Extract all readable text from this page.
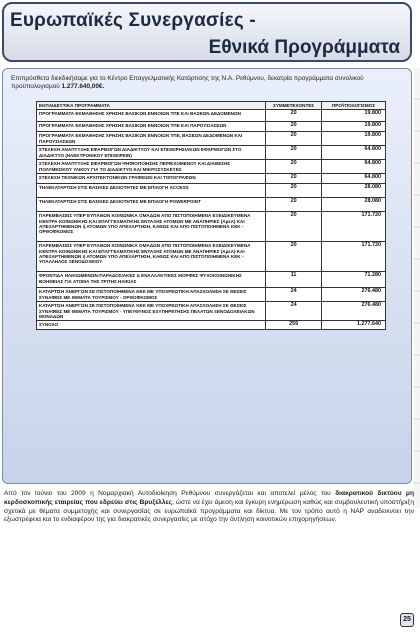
Ευρωπαϊκές Συνεργασίες -
Εθνικά Προγράμματα
Επιπρόσθετα διεκδικήσαμε για το Κέντρο Επαγγελματικής Κατάρτισης της Ν.Α. Ρεθύμνου, δεκατρία προγράμματα συνολικού προϋπολογισμού 1.277.640,00€.
ΕΚΠΑΙΔΕΥΤΙΚΑ ΠΡΟΓΡΑΜΜΑΤΑ	ΣΥΜΜΕΤΕΧΟΝΤΕΣ	ΠΡΟΫΠΟΛΟΓΙΣΜΟΣ
ΠΡΟΓΡΑΜΜΑΤΑ ΕΚΜΑΘΗΣΗΣ ΧΡΗΣΗΣ ΒΑΣΙΚΩΝ ΕΝΝΟΙΩΝ ΤΠΕ ΚΑΙ ΒΑΣΕΩΝ ΔΕΔΟΜΕΝΩΝ	20	19.800
ΠΡΟΓΡΑΜΜΑΤΑ ΕΚΜΑΘΗΣΗΣ ΧΡΗΣΗΣ ΒΑΣΙΚΩΝ ΕΝΝΟΙΩΝ ΤΠΕ ΚΑΙ ΠΑΡΟΥΣΙΑΣΕΩΝ	20	19.800
ΠΡΟΓΡΑΜΜΑΤΑ ΕΚΜΑΘΗΣΗΣ ΧΡΗΣΗΣ ΒΑΣΙΚΩΝ ΕΝΝΟΙΩΝ ΤΠΕ, ΒΑΣΕΩΝ ΔΕΔΟΜΕΝΩΝ ΚΑΙ ΠΑΡΟΥΣΙΑΣΕΩΝ	20	19.800
ΣΤΕΛΕΧΗ ΑΝΑΠΤΥΞΗΣ ΕΦΑΡΜΟΓΩΝ ΔΙΑΔΙΚΤΥΟΥ ΚΑΙ ΕΠΙΧΕΙΡΗΣΙΑΚΩΝ ΕΦΑΡΜΟΓΩΝ ΣΤΟ ΔΙΑΔΙΚΤΥΟ (ΗΛΕΚΤΡΟΝΙΚΟΥ ΕΠΙΧΕΙΡΕΙΝ)	20	64.800
ΣΤΕΛΕΧΗ ΑΝΑΠΤΥΞΗΣ ΕΦΑΡΜΟΓΩΝ ΨΗΦΙΟΠΟΙΗΣΗΣ ΠΕΡΙΕΧΟΜΕΝΟΥ ΚΑΙ ΔΙΑΘΕΣΗΣ ΠΟΛΥΜΕΣΙΚΟΥ ΥΛΙΚΟΥ ΓΙΑ ΤΟ ΔΙΑΔΙΚΤΥΟ ΚΑΙ ΜΙΚΡΟΣΥΣΚΕΥΕΣ	20	64.800
ΣΤΕΛΕΧΗ ΤΕΧΝΙΚΩΝ ΑΡΧΙΤΕΚΤΟΝΙΚΩΝ ΓΡΑΦΕΙΩΝ ΚΑΙ ΤΟΠΟΓΡΑΦΩΝ	20	64.800
ΤΗΛΕΚΑΤΑΡΤΙΣΗ ΣΤΙΣ ΒΑΣΙΚΕΣ ΔΕΞΙΟΤΗΤΕΣ ΜΕ ΕΠΙΛΟΓΗ ACCESS	20	28.080
ΤΗΛΕΚΑΤΑΡΤΙΣΗ ΣΤΙΣ ΒΑΣΙΚΕΣ ΔΕΞΙΟΤΗΤΕΣ ΜΕ ΕΠΙΛΟΓΗ POWERPOINT	20	28.080
ΠΑΡΕΜΒΑΣΕΙΣ ΥΠΕΡ ΕΥΠΑΘΩΝ ΚΟΙΝΩΝΙΚΑ ΟΜΑΔΩΝ ΑΠΟ ΠΙΣΤΟΠΟΙΗΜΕΝΑ ΕΞΕΙΔΙΚΕΥΜΕΝΑ ΚΕΝΤΡΑ ΚΟΙΝΩΝΙΚΗΣ ΚΑΙ ΕΠΑΓΓΕΛΜΑΤΙΚΗΣ ΕΝΤΑΞΗΣ ΑΤΟΜΩΝ ΜΕ ΑΝΑΠΗΡΙΕΣ (ΑμεΑ) ΚΑΙ ΑΠΕΞΑΡΤΗΜΕΝΩΝ ή ΑΤΟΜΩΝ ΥΠΟ ΑΠΕΞΑΡΤΗΣΗ, ΚΑΘΩΣ ΚΑΙ ΑΠΟ ΠΙΣΤΟΠΟΙΗΜΕΝΑ ΚΕΚ - ΟΡΘΟΦΚΟΜΟΣ	20	171.720
ΠΑΡΕΜΒΑΣΕΙΣ ΥΠΕΡ ΕΥΠΑΘΩΝ ΚΟΙΝΩΝΙΚΑ ΟΜΑΔΩΝ ΑΠΟ ΠΙΣΤΟΠΟΙΗΜΕΝΑ ΕΞΕΙΔΙΚΕΥΜΕΝΑ ΚΕΝΤΡΑ ΚΟΙΝΩΝΙΚΗΣ ΚΑΙ ΕΠΑΓΓΕΛΜΑΤΙΚΗΣ ΕΝΤΑΞΗΣ ΑΤΟΜΩΝ ΜΕ ΑΝΑΠΗΡΙΕΣ (ΑμεΑ) ΚΑΙ ΑΠΕΞΑΡΤΗΜΕΝΩΝ ή ΑΤΟΜΩΝ ΥΠΟ ΑΠΕΞΑΡΤΗΣΗ, ΚΑΘΩΣ ΚΑΙ ΑΠΟ ΠΙΣΤΟΠΟΙΗΜΕΝΑ ΚΕΚ - ΥΠΑΛΛΗΛΟΣ ΞΕΝΟΔΟΧΕΙΟΥ	20	171.720
ΦΡΟΝΤΙΔΑ ΗΛΙΚΙΩΜΕΝΩΝ-ΠΑΡΑΔΟΣΙΑΚΕΣ & ΕΝΑΛΛΑΚΤΙΚΕΣ ΜΟΡΦΕΣ ΨΥΧΟΚΟΙΝΩΝΙΚΗΣ ΒΟΗΘΕΙΑΣ ΓΙΑ ΑΤΟΜΑ ΤΗΣ ΤΡΙΤΗΣ ΗΛΙΚΙΑΣ	11	71.280
ΚΑΤΑΡΤΙΣΗ ΑΝΕΡΓΩΝ ΣΕ ΠΙΣΤΟΠΟΙΗΜΕΝΑ ΚΕΚ ΜΕ ΥΠΟΧΡΕΩΤΙΚΗ ΑΠΑΣΧΟΛΗΣΗ ΣΕ ΘΕΣΕΙΣ ΣΥΝΑΦΕΙΣ ΜΕ ΘΕΜΑΤΑ ΤΟΥΡΙΣΜΟΥ - ΟΡΘΟΦΚΟΜΟΣ	24	276.480
ΚΑΤΑΡΤΙΣΗ ΑΝΕΡΓΩΝ ΣΕ ΠΙΣΤΟΠΟΙΗΜΕΝΑ ΚΕΚ ΜΕ ΥΠΟΧΡΕΩΤΙΚΗ ΑΠΑΣΧΟΛΗΣΗ ΣΕ ΘΕΣΕΙΣ ΣΥΝΑΦΕΙΣ ΜΕ ΘΕΜΑΤΑ ΤΟΥΡΙΣΜΟΥ - ΥΠΕΥΘΥΝΟΣ ΕΞΥΠΗΡΕΤΗΣΗΣ ΠΕΛΑΤΩΝ ΞΕΝΟΔΟΧΕΙΑΚΩΝ ΜΟΝΑΔΩΝ	24	276.480
ΣΥΝΟΛΟ	259	1.277.640
Από τον Ιούνιο του 2009 η Νομαρχιακή Αυτοδιοίκηση Ρεθύμνου συνεργάζεται και αποτελεί μέλος του διακρατικού δικτύου μη κερδοσκοπικής εταιρείας που εδρεύει στις Βρυξέλλες, ώστε να έχει άμεση και έγκυρη ενημέρωση καθώς και συμβουλευτική υποστήριξη σχετικά με θέματα συμμετοχής και συνεργασίας σε ευρωπαϊκά προγράμματα και δίκτυα. Με τον τρόπο αυτό η NAP αναδεικνύει την εξωστρέφεια και το ενδιαφέρον της για διακρατικές συνεργασίες με στόχο την άντληση κοινοτικών επιχορηγήσεων.
25
